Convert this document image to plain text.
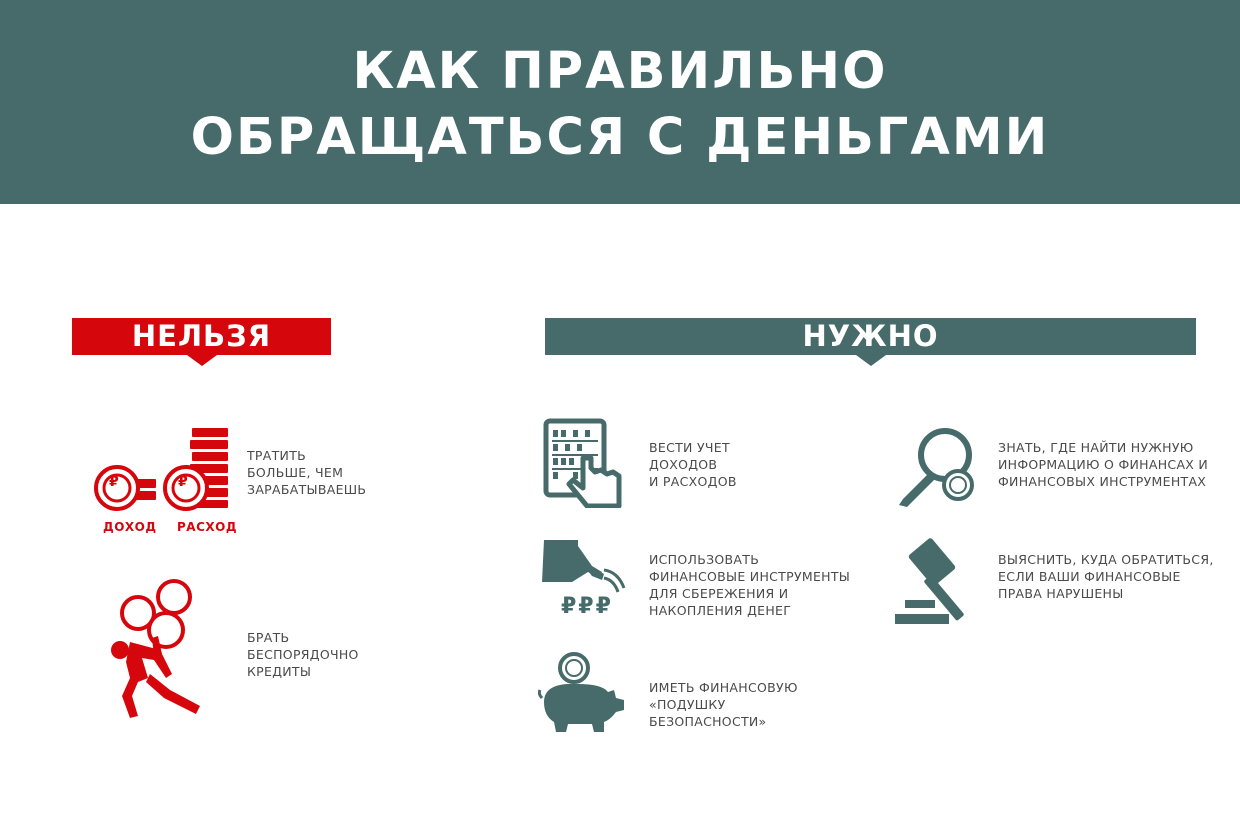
КАК ПРАВИЛЬНО
ОБРАЩАТЬСЯ С ДЕНЬГАМИ
НЕЛЬЗЯ	НУЖНО
ДОХОД РАСХОД
₽	₽
ТРАТИТЬ
БОЛЬШЕ, ЧЕМ
ЗАРАБАТЫВАЕШЬ
БРАТЬ
БЕСПОРЯДОЧНО
КРЕДИТЫ
ВЕСТИ УЧЕТ
ДОХОДОВ
И РАСХОДОВ
₽₽₽
ИСПОЛЬЗОВАТЬ
ФИНАНСОВЫЕ ИНСТРУМЕНТЫ
ДЛЯ СБЕРЕЖЕНИЯ И
НАКОПЛЕНИЯ ДЕНЕГ
ИМЕТЬ ФИНАНСОВУЮ
«ПОДУШКУ
БЕЗОПАСНОСТИ»
ЗНАТЬ, ГДЕ НАЙТИ НУЖНУЮ
ИНФОРМАЦИЮ О ФИНАНСАХ И
ФИНАНСОВЫХ ИНСТРУМЕНТАХ
ВЫЯСНИТЬ, КУДА ОБРАТИТЬСЯ,
ЕСЛИ ВАШИ ФИНАНСОВЫЕ
ПРАВА НАРУШЕНЫ
